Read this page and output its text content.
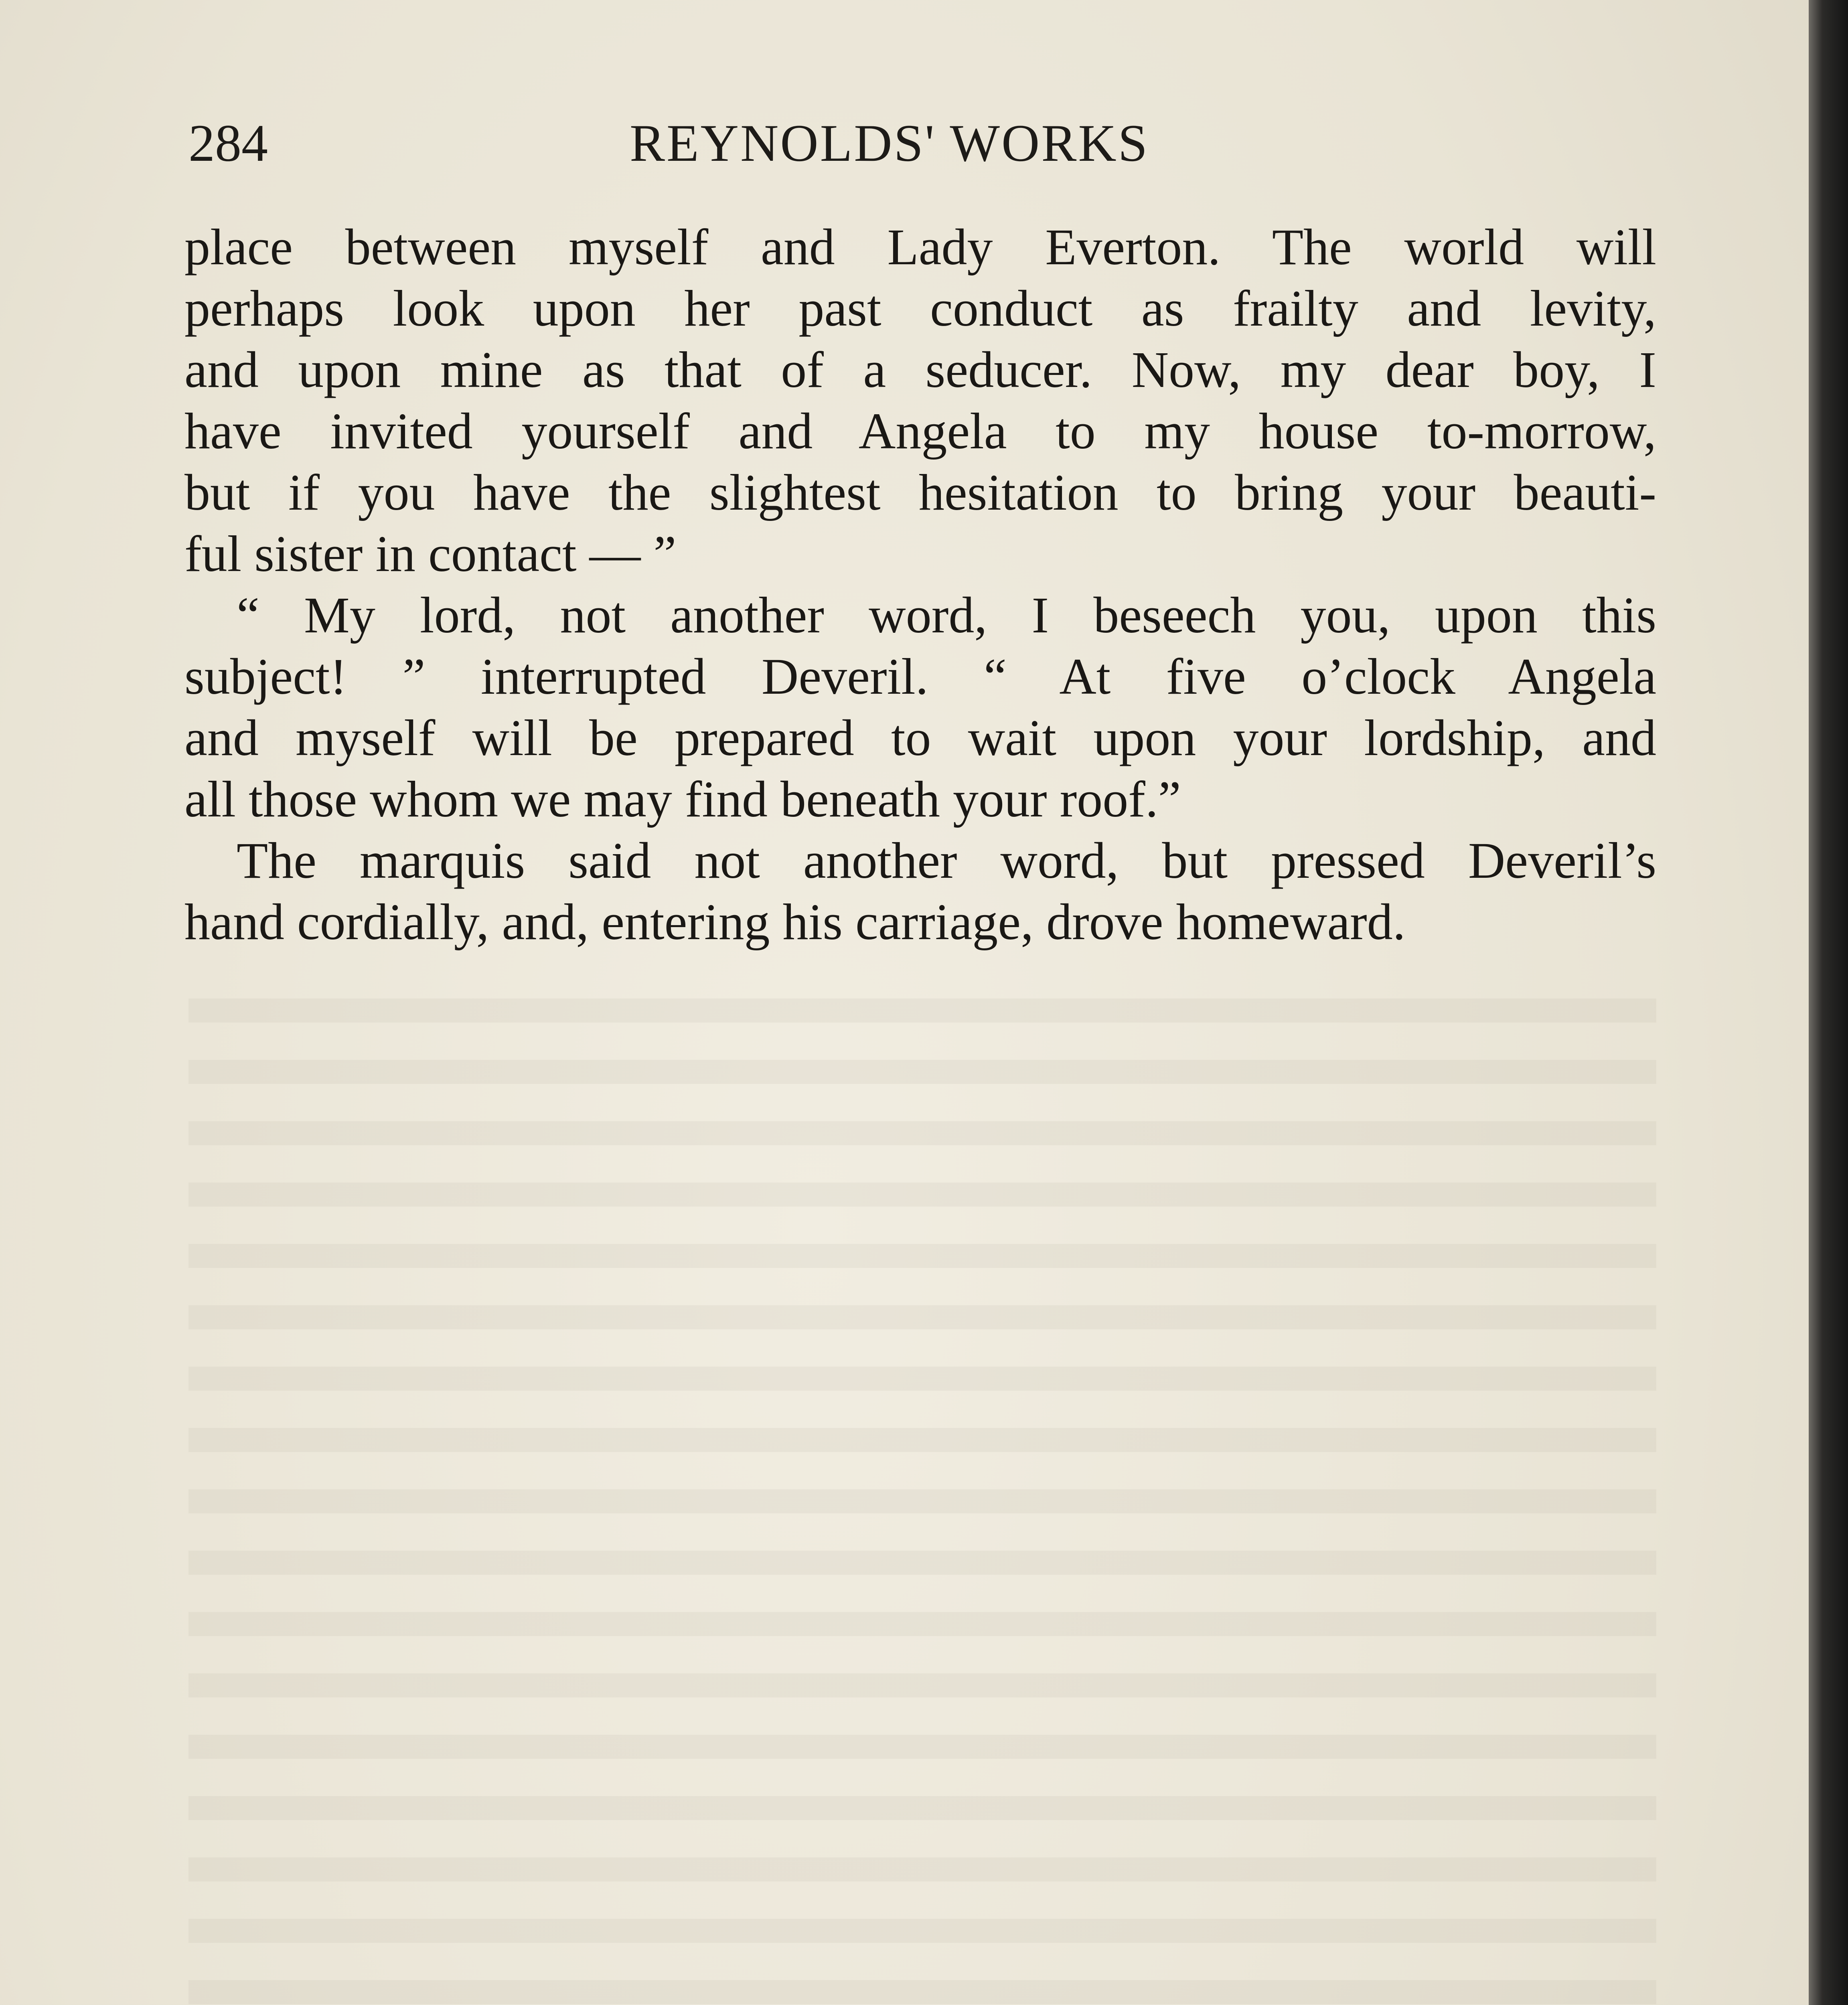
284	REYNOLDS' WORKS
place between myself and Lady Everton. The world will
perhaps look upon her past conduct as frailty and levity,
and upon mine as that of a seducer. Now, my dear boy, I
have invited yourself and Angela to my house to-morrow,
but if you have the slightest hesitation to bring your beauti-
ful sister in contact — ”
“ My lord, not another word, I beseech you, upon this
subject! ” interrupted Deveril. “ At five o’clock Angela
and myself will be prepared to wait upon your lordship, and
all those whom we may find beneath your roof.”
The marquis said not another word, but pressed Deveril’s
hand cordially, and, entering his carriage, drove homeward.
